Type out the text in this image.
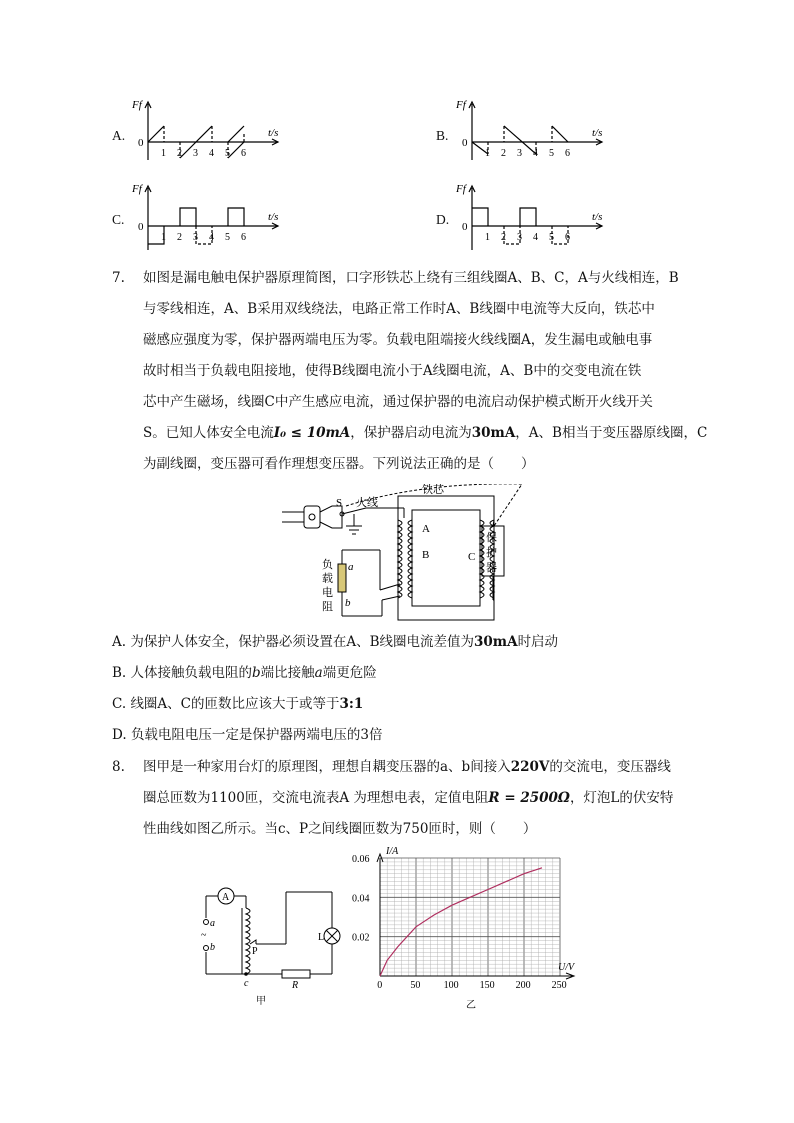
A.
Ff
0
t/s
1 2 3 4 5 6
B.
Ff
0
t/s
1 2 3 4 5 6
C.
Ff
0
t/s
1 2 3 4 5 6
D.
Ff
0
t/s
1 2 3 4 5 6
7. 如图是漏电触电保护器原理简图，口字形铁芯上绕有三组线圈A、B、C，A与火线相连，B
与零线相连，A、B采用双线绕法，电路正常工作时A、B线圈中电流等大反向，铁芯中
磁感应强度为零，保护器两端电压为零。负载电阻端接火线线圈A，发生漏电或触电事
故时相当于负载电阻接地，使得B线圈电流小于A线圈电流，A、B中的交变电流在铁
芯中产生磁场，线圈C中产生感应电流，通过保护器的电流启动保护模式断开火线开关
S。已知人体安全电流I₀ ≤ 10mA，保护器启动电流为30mA，A、B相当于变压器原线圈，C
为副线圈，变压器可看作理想变压器。下列说法正确的是（　　）
S 火线
铁芯
A
B	C
保
护
器
负
载
电
阻
a
b
A. 为保护人体安全，保护器必须设置在A、B线圈电流差值为30mA时启动
B. 人体接触负载电阻的b端比接触a端更危险
C. 线圈A、C的匝数比应该大于或等于3:1
D. 负载电阻电压一定是保护器两端电压的3倍
8. 图甲是一种家用台灯的原理图，理想自耦变压器的a、b间接入220V的交流电，变压器线
圈总匝数为1100匝，交流电流表A 为理想电表，定值电阻R = 2500Ω，灯泡L的伏安特
性曲线如图乙所示。当c、P之间线圈匝数为750匝时，则（　　）
A
a
~
b	P
c	R
L
甲
0	50 100 150 200 250
0.02
0.04
0.06
I/A
U/V
乙
